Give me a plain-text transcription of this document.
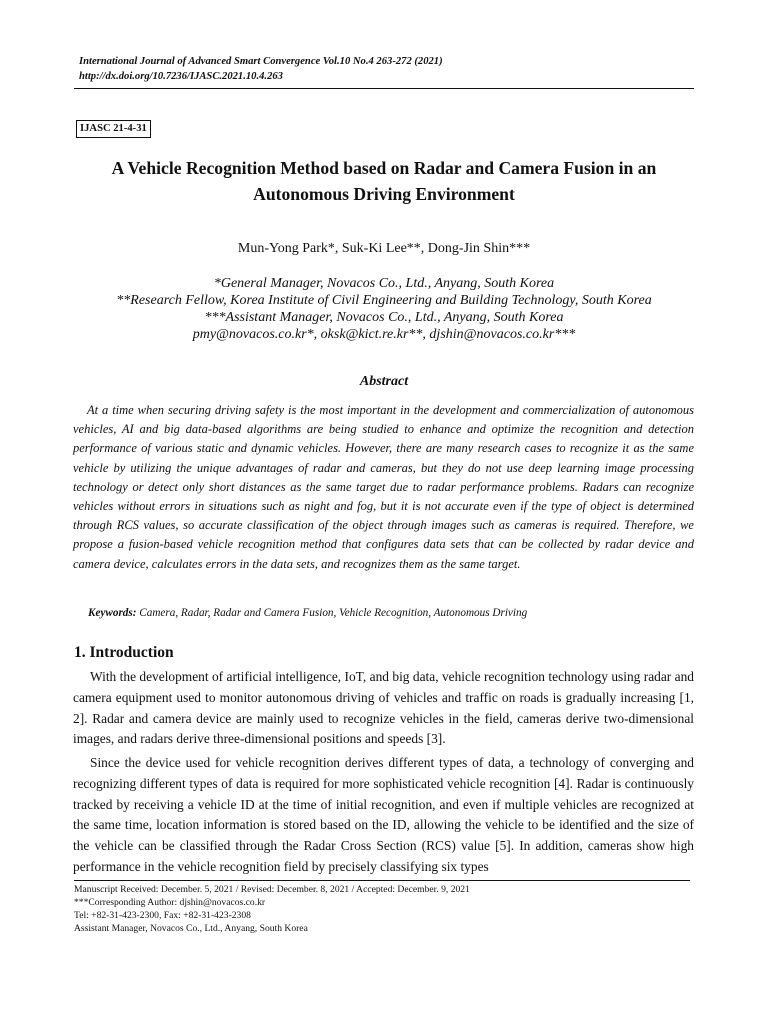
International Journal of Advanced Smart Convergence Vol.10 No.4 263-272 (2021)
http://dx.doi.org/10.7236/IJASC.2021.10.4.263
IJASC 21-4-31
A Vehicle Recognition Method based on Radar and Camera Fusion in an
Autonomous Driving Environment
Mun-Yong Park*, Suk-Ki Lee**, Dong-Jin Shin***
*General Manager, Novacos Co., Ltd., Anyang, South Korea
**Research Fellow, Korea Institute of Civil Engineering and Building Technology, South Korea
***Assistant Manager, Novacos Co., Ltd., Anyang, South Korea
pmy@novacos.co.kr*, oksk@kict.re.kr**, djshin@novacos.co.kr***
Abstract

At a time when securing driving safety is the most important in the development and commercialization of autonomous vehicles, AI and big data-based algorithms are being studied to enhance and optimize the recognition and detection performance of various static and dynamic vehicles. However, there are many research cases to recognize it as the same vehicle by utilizing the unique advantages of radar and cameras, but they do not use deep learning image processing technology or detect only short distances as the same target due to radar performance problems. Radars can recognize vehicles without errors in situations such as night and fog, but it is not accurate even if the type of object is determined through RCS values, so accurate classification of the object through images such as cameras is required. Therefore, we propose a fusion-based vehicle recognition method that configures data sets that can be collected by radar device and camera device, calculates errors in the data sets, and recognizes them as the same target.

Keywords: Camera, Radar, Radar and Camera Fusion, Vehicle Recognition, Autonomous Driving
1. Introduction

With the development of artificial intelligence, IoT, and big data, vehicle recognition technology using radar and camera equipment used to monitor autonomous driving of vehicles and traffic on roads is gradually increasing [1, 2]. Radar and camera device are mainly used to recognize vehicles in the field, cameras derive two-dimensional images, and radars derive three-dimensional positions and speeds [3].

Since the device used for vehicle recognition derives different types of data, a technology of converging and recognizing different types of data is required for more sophisticated vehicle recognition [4]. Radar is continuously tracked by receiving a vehicle ID at the time of initial recognition, and even if multiple vehicles are recognized at the same time, location information is stored based on the ID, allowing the vehicle to be identified and the size of the vehicle can be classified through the Radar Cross Section (RCS) value [5]. In addition, cameras show high performance in the vehicle recognition field by precisely classifying six types

Manuscript Received: December. 5, 2021 / Revised: December. 8, 2021 / Accepted: December. 9, 2021
***Corresponding Author: djshin@novacos.co.kr
Tel: +82-31-423-2300, Fax: +82-31-423-2308
Assistant Manager, Novacos Co., Ltd., Anyang, South Korea
